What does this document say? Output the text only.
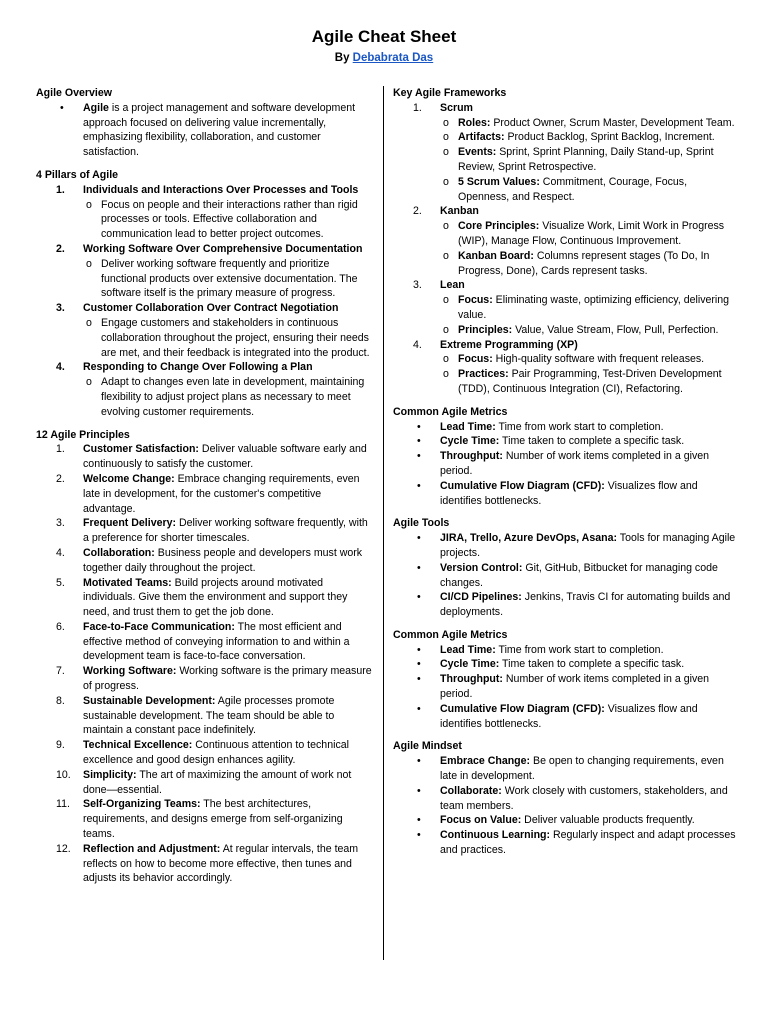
Agile Cheat Sheet
By Debabrata Das
Agile Overview
• Agile is a project management and software development approach focused on delivering value incrementally, emphasizing flexibility, collaboration, and customer satisfaction.
4 Pillars of Agile
1.	Individuals and Interactions Over Processes and Tools
o Focus on people and their interactions rather than rigid processes or tools. Effective collaboration and communication lead to better project outcomes.
2.	Working Software Over Comprehensive Documentation
o Deliver working software frequently and prioritize functional products over extensive documentation. The software itself is the primary measure of progress.
3.	Customer Collaboration Over Contract Negotiation
o Engage customers and stakeholders in continuous collaboration throughout the project, ensuring their needs are met, and their feedback is integrated into the product.
4.	Responding to Change Over Following a Plan
o Adapt to changes even late in development, maintaining flexibility to adjust project plans as necessary to meet evolving customer requirements.
12 Agile Principles
1.	Customer Satisfaction: Deliver valuable software early and continuously to satisfy the customer.
2.	Welcome Change: Embrace changing requirements, even late in development, for the customer's competitive advantage.
3.	Frequent Delivery: Deliver working software frequently, with a preference for shorter timescales.
4.	Collaboration: Business people and developers must work together daily throughout the project.
5.	Motivated Teams: Build projects around motivated individuals. Give them the environment and support they need, and trust them to get the job done.
6.	Face-to-Face Communication: The most efficient and effective method of conveying information to and within a development team is face-to-face conversation.
7.	Working Software: Working software is the primary measure of progress.
8.	Sustainable Development: Agile processes promote sustainable development. The team should be able to maintain a constant pace indefinitely.
9.	Technical Excellence: Continuous attention to technical excellence and good design enhances agility.
10.	Simplicity: The art of maximizing the amount of work not done—essential.
11.	Self-Organizing Teams: The best architectures, requirements, and designs emerge from self-organizing teams.
12.	Reflection and Adjustment: At regular intervals, the team reflects on how to become more effective, then tunes and adjusts its behavior accordingly.
Key Agile Frameworks
1.	Scrum
o Roles: Product Owner, Scrum Master, Development Team.
o Artifacts: Product Backlog, Sprint Backlog, Increment.
o Events: Sprint, Sprint Planning, Daily Stand-up, Sprint Review, Sprint Retrospective.
o 5 Scrum Values: Commitment, Courage, Focus, Openness, and Respect.
2.	Kanban
o Core Principles: Visualize Work, Limit Work in Progress (WIP), Manage Flow, Continuous Improvement.
o Kanban Board: Columns represent stages (To Do, In Progress, Done), Cards represent tasks.
3.	Lean
o Focus: Eliminating waste, optimizing efficiency, delivering value.
o Principles: Value, Value Stream, Flow, Pull, Perfection.
4.	Extreme Programming (XP)
o Focus: High-quality software with frequent releases.
o Practices: Pair Programming, Test-Driven Development (TDD), Continuous Integration (CI), Refactoring.
Common Agile Metrics
• Lead Time: Time from work start to completion.
• Cycle Time: Time taken to complete a specific task.
• Throughput: Number of work items completed in a given period.
• Cumulative Flow Diagram (CFD): Visualizes flow and identifies bottlenecks.
Agile Tools
• JIRA, Trello, Azure DevOps, Asana: Tools for managing Agile projects.
• Version Control: Git, GitHub, Bitbucket for managing code changes.
• CI/CD Pipelines: Jenkins, Travis CI for automating builds and deployments.
Common Agile Metrics
• Lead Time: Time from work start to completion.
• Cycle Time: Time taken to complete a specific task.
• Throughput: Number of work items completed in a given period.
• Cumulative Flow Diagram (CFD): Visualizes flow and identifies bottlenecks.
Agile Mindset
• Embrace Change: Be open to changing requirements, even late in development.
• Collaborate: Work closely with customers, stakeholders, and team members.
• Focus on Value: Deliver valuable products frequently.
• Continuous Learning: Regularly inspect and adapt processes and practices.
